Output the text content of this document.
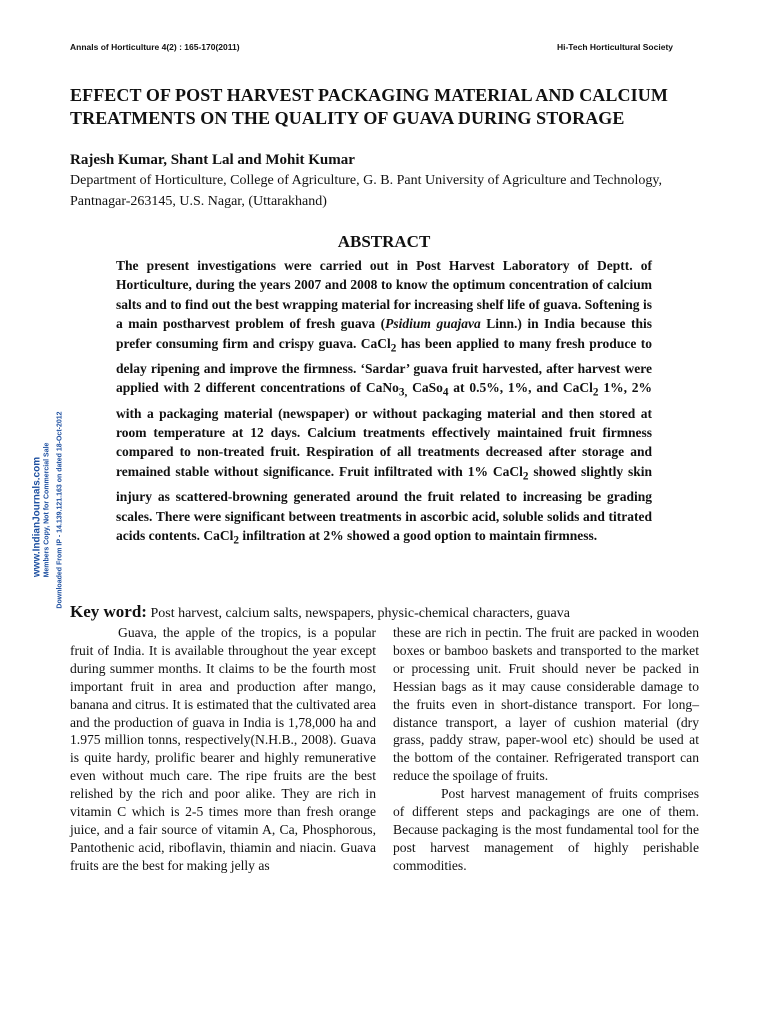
Annals of Horticulture 4(2) : 165-170(2011)	Hi-Tech Horticultural Society
EFFECT OF POST HARVEST PACKAGING MATERIAL AND CALCIUM TREATMENTS ON THE QUALITY OF GUAVA DURING STORAGE
Rajesh Kumar, Shant Lal and Mohit Kumar
Department of Horticulture, College of Agriculture, G. B. Pant University of Agriculture and Technology, Pantnagar-263145, U.S. Nagar, (Uttarakhand)
ABSTRACT

The present investigations were carried out in Post Harvest Laboratory of Deptt. of Horticulture, during the years 2007 and 2008 to know the optimum concentration of calcium salts and to find out the best wrapping material for increasing shelf life of guava. Softening is a main postharvest problem of fresh guava (Psidium guajava Linn.) in India because this prefer consuming firm and crispy guava. CaCl$_2$ has been applied to many fresh produce to delay ripening and improve the firmness. ‘Sardar’ guava fruit harvested, after harvest were applied with 2 different concentrations of CaNo$_{3,}$ CaSo$_4$ at 0.5%, 1%, and CaCl$_2$ 1%, 2% with a packaging material (newspaper) or without packaging material and then stored at room temperature at 12 days. Calcium treatments effectively maintained fruit firmness compared to non-treated fruit. Respiration of all treatments decreased after storage and remained stable without significance. Fruit infiltrated with 1% CaCl$_2$ showed slightly skin injury as scattered-browning generated around the fruit related to increasing be grading scales. There were significant between treatments in ascorbic acid, soluble solids and titrated acids contents. CaCl$_2$ infiltration at 2% showed a good option to maintain firmness.

Key word: Post harvest, calcium salts, newspapers, physic-chemical characters, guava

Guava, the apple of the tropics, is a popular fruit of India. It is available throughout the year except during summer months. It claims to be the fourth most important fruit in area and production after mango, banana and citrus. It is estimated that the cultivated area and the production of guava in India is 1,78,000 ha and 1.975 million tonns, respectively(N.H.B., 2008). Guava is quite hardy, prolific bearer and highly remunerative even without much care. The ripe fruits are the best relished by the rich and poor alike. They are rich in vitamin C which is 2-5 times more than fresh orange juice, and a fair source of vitamin A, Ca, Phosphorous, Pantothenic acid, riboflavin, thiamin and niacin. Guava fruits are the best for making jelly as

these are rich in pectin. The fruit are packed in wooden boxes or bamboo baskets and transported to the market or processing unit. Fruit should never be packed in Hessian bags as it may cause considerable damage to the fruits even in short-distance transport. For long–distance transport, a layer of cushion material (dry grass, paddy straw, paper-wool etc) should be used at the bottom of the container. Refrigerated transport can reduce the spoilage of fruits.

Post harvest management of fruits comprises of different steps and packagings are one of them. Because packaging is the most fundamental tool for the post harvest management of highly perishable commodities.

www.IndianJournals.com Members Copy, Not for Commercial Sale Downloaded From IP - 14.139.121.163 on dated 18-Oct-2012
